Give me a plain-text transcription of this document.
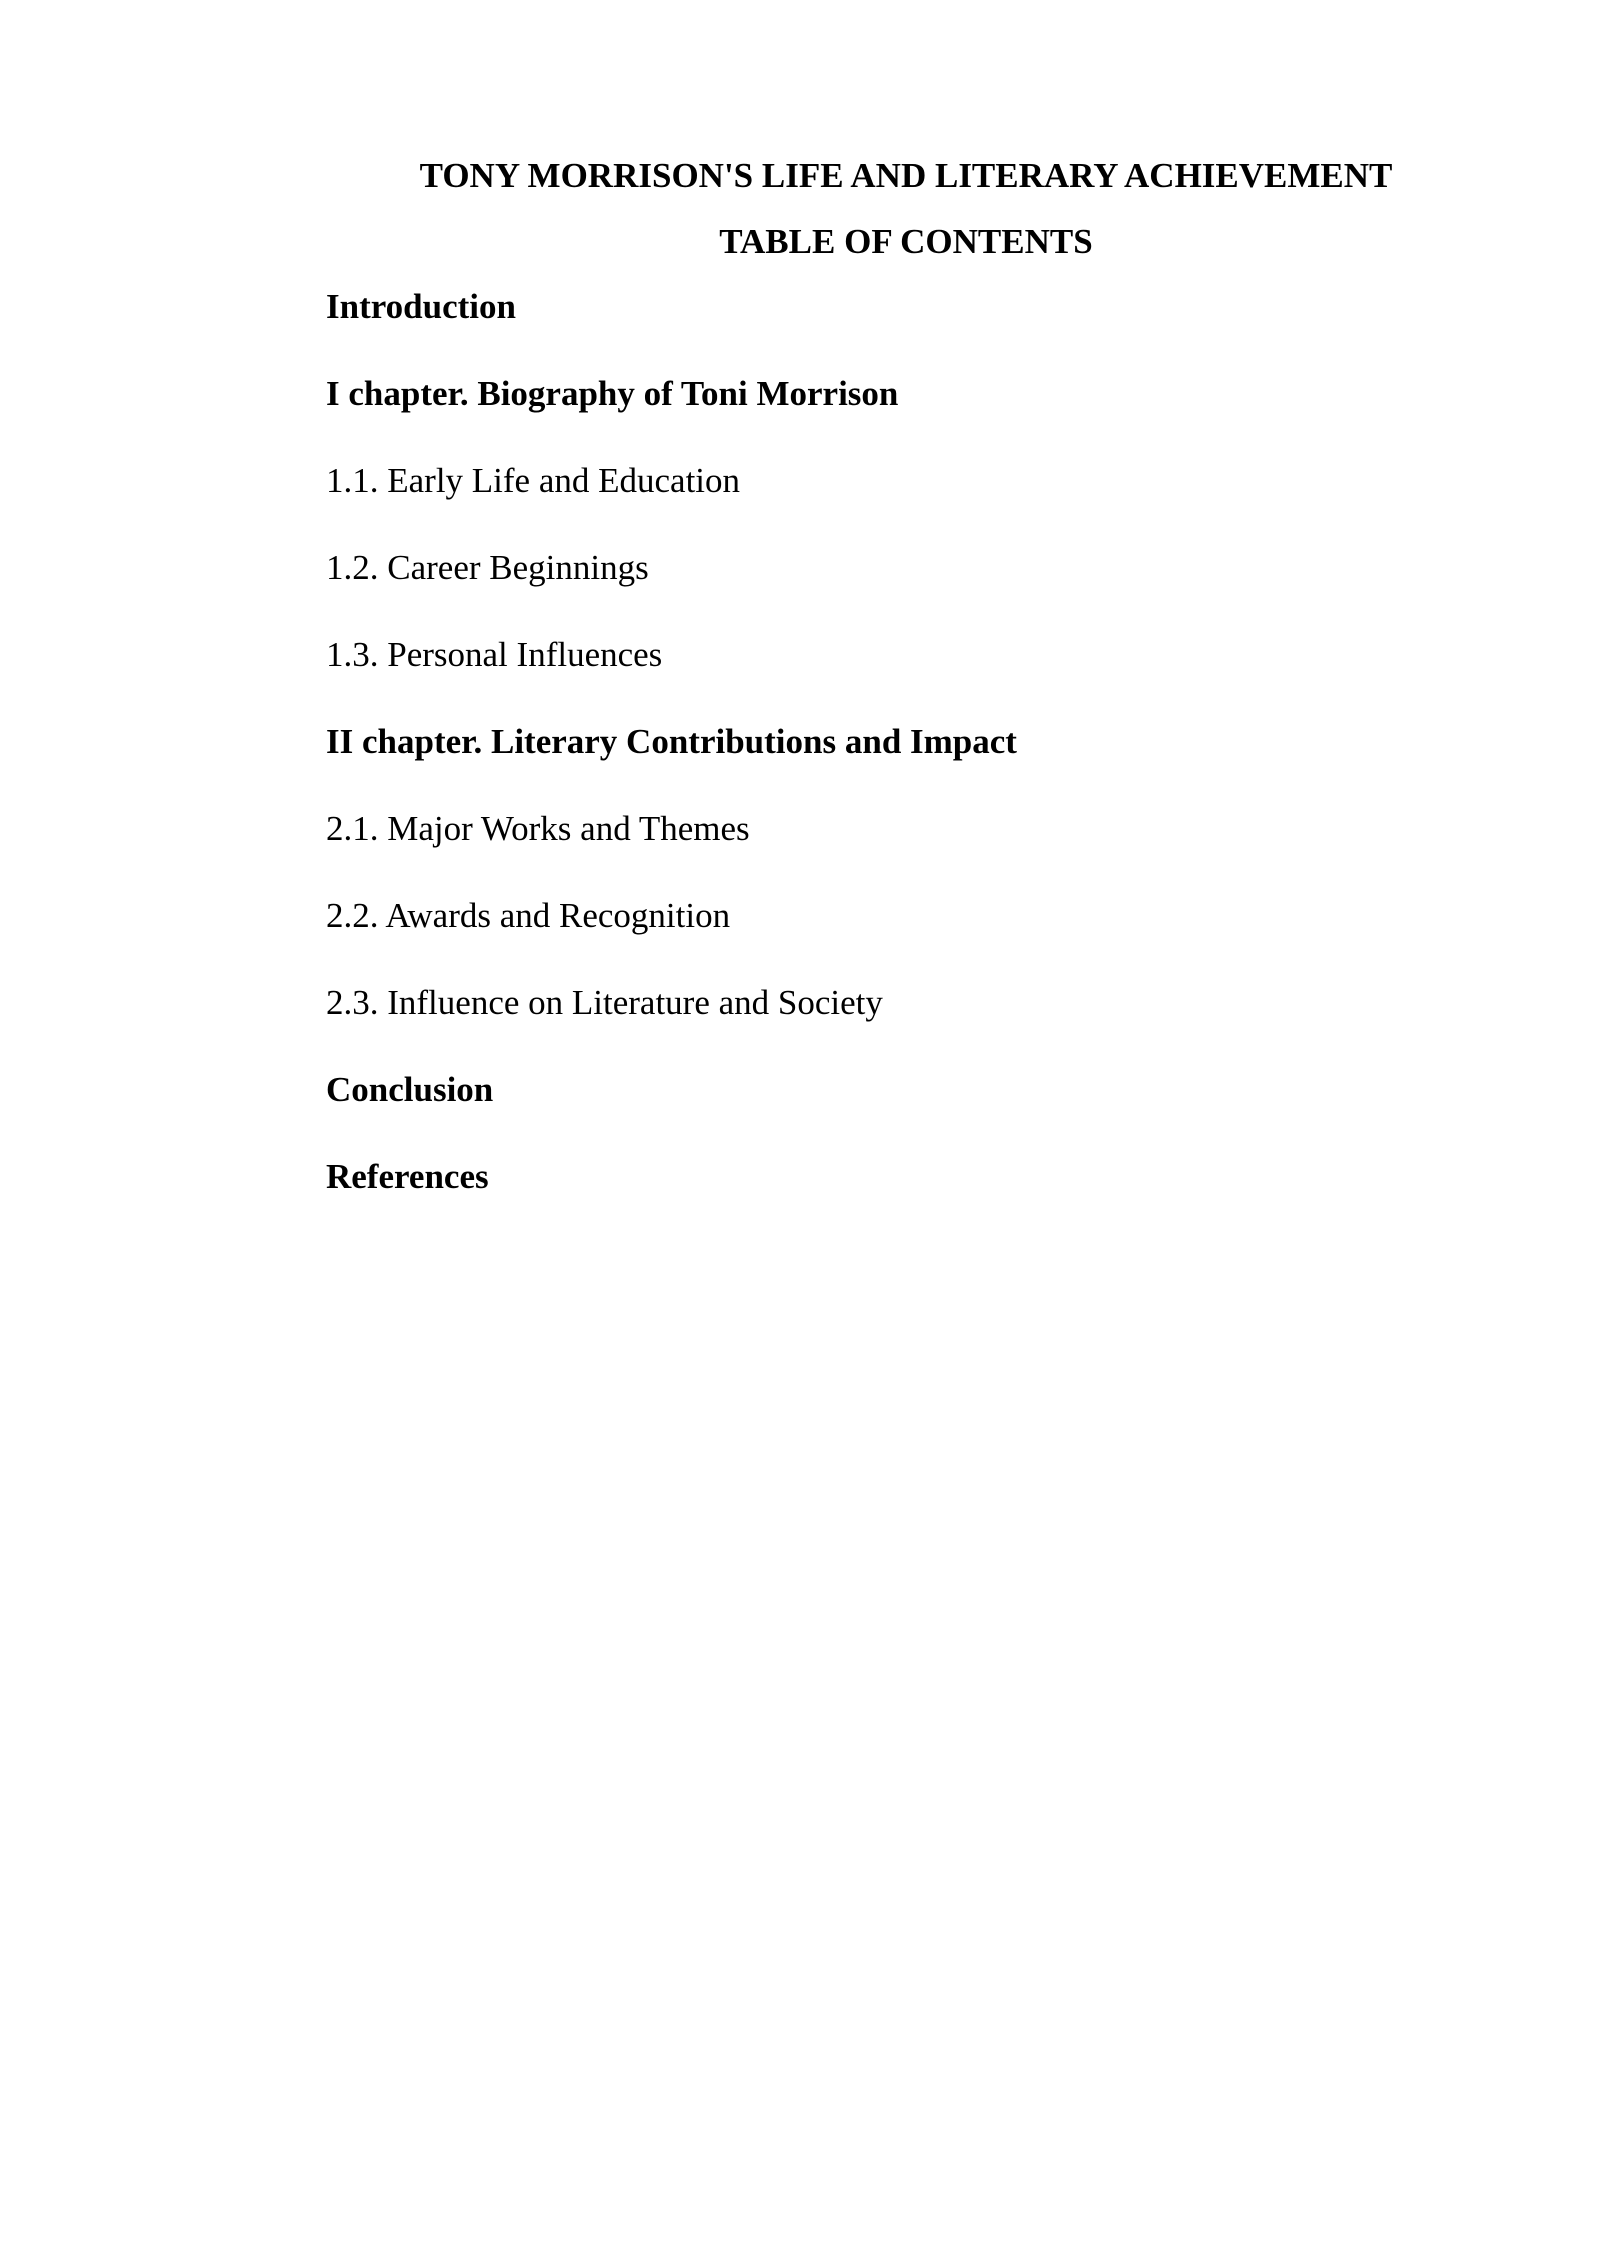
TONY MORRISON'S LIFE AND LITERARY ACHIEVEMENT
TABLE OF CONTENTS
Introduction
I chapter. Biography of Toni Morrison
1.1. Early Life and Education
1.2. Career Beginnings
1.3. Personal Influences
II chapter. Literary Contributions and Impact
2.1. Major Works and Themes
2.2. Awards and Recognition
2.3. Influence on Literature and Society
Conclusion
References
